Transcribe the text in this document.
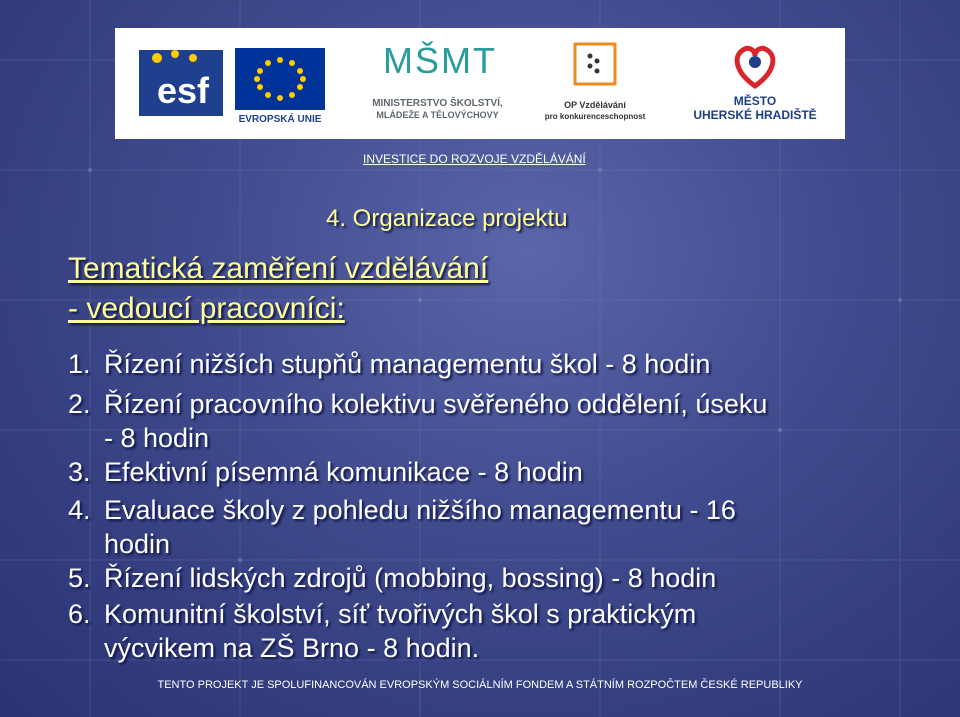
esf
EVROPSKÁ UNIE
MŠMT
MINISTERSTVO ŠKOLSTVÍ,
MLÁDEŽE A TĚLOVÝCHOVY
OP Vzdělávání
pro konkurenceschopnost
MĚSTO
UHERSKÉ HRADIŠTĚ
INVESTICE DO ROZVOJE VZDĚLÁVÁNÍ
4. Organizace projektu
Tematická zaměření vzdělávání
- vedoucí pracovníci:
1. Řízení nižších stupňů managementu škol - 8 hodin
2. Řízení pracovního kolektivu svěřeného oddělení, úseku
- 8 hodin
3. Efektivní písemná komunikace - 8 hodin
4. Evaluace školy z pohledu nižšího managementu - 16
hodin
5. Řízení lidských zdrojů (mobbing, bossing) - 8 hodin
6. Komunitní školství, síť tvořivých škol s praktickým
výcvikem na ZŠ Brno - 8 hodin.
TENTO PROJEKT JE SPOLUFINANCOVÁN EVROPSKÝM SOCIÁLNÍM FONDEM A STÁTNÍM ROZPOČTEM ČESKÉ REPUBLIKY
